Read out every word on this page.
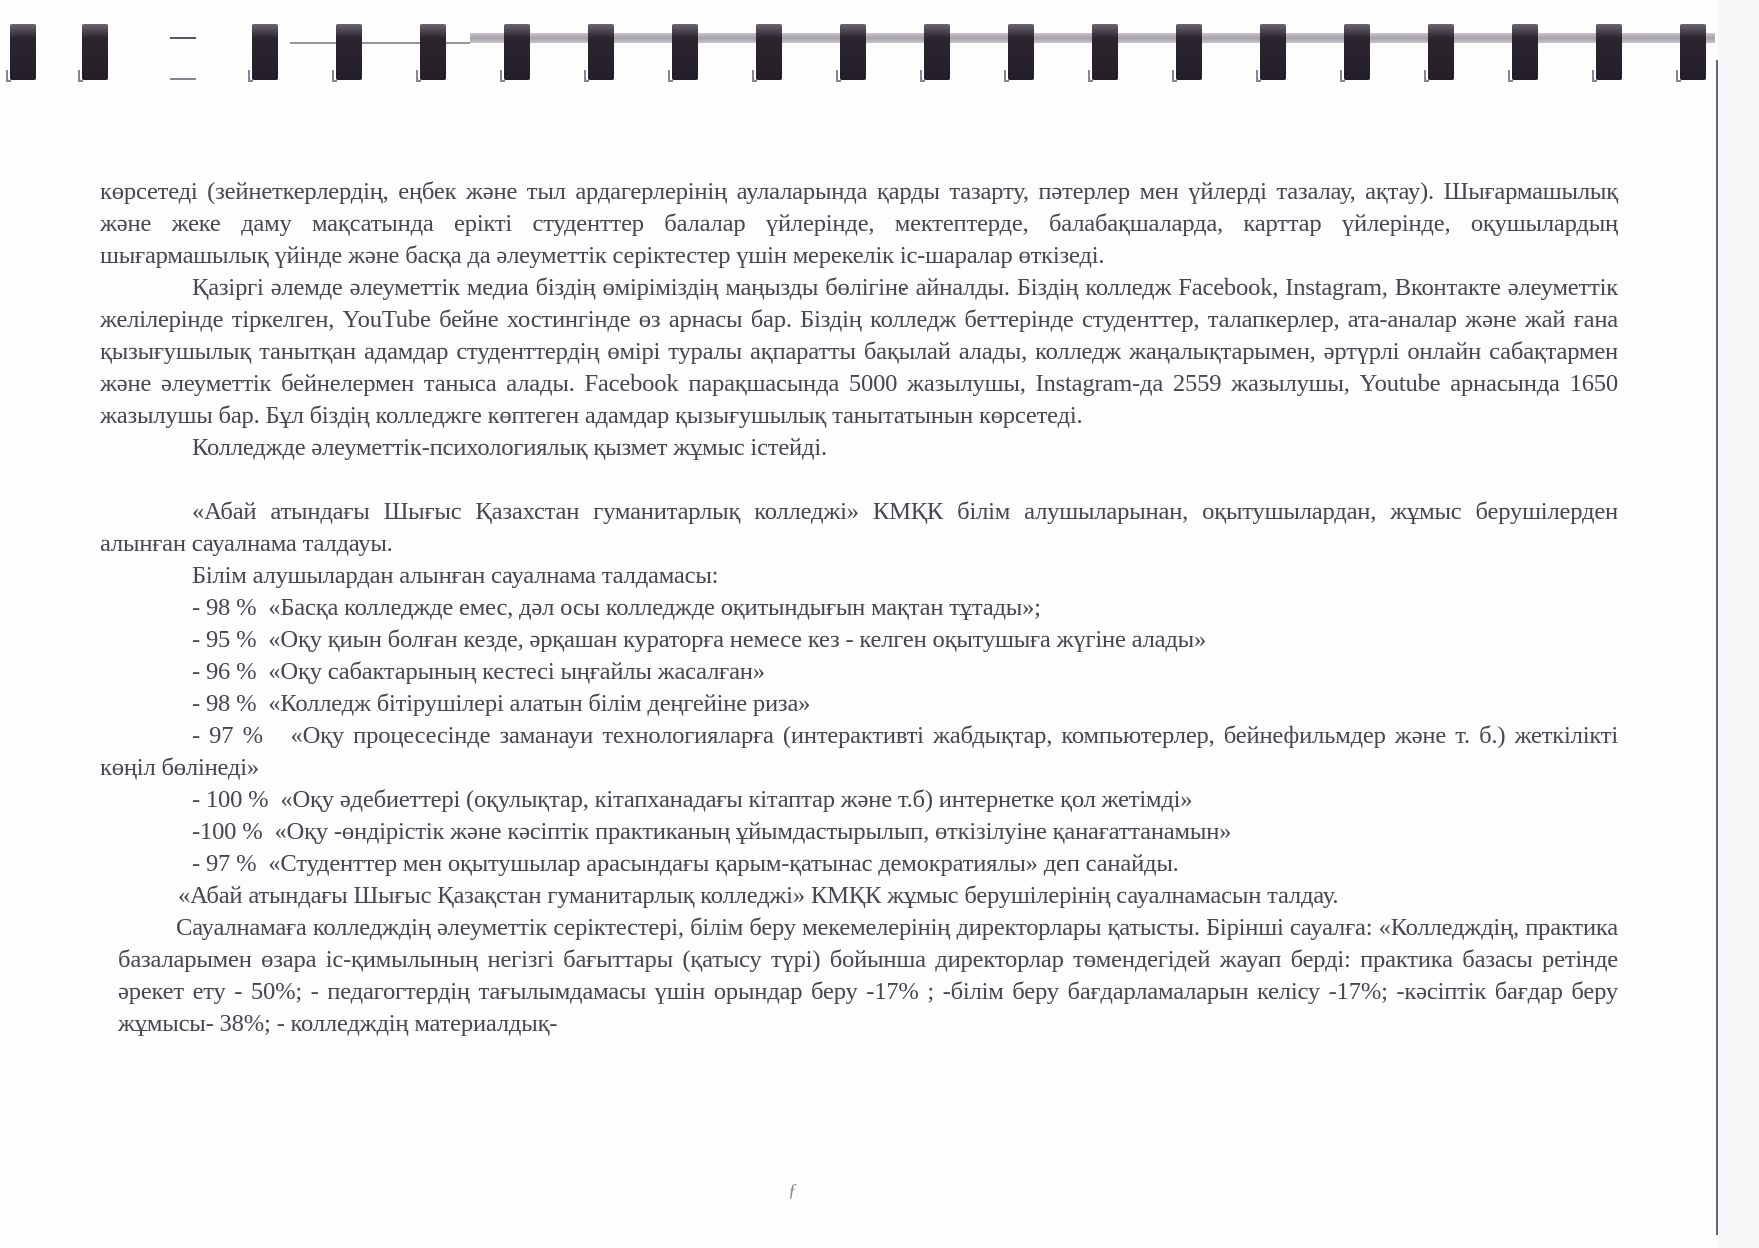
көрсетеді (зейнеткерлердің, еңбек және тыл ардагерлерінің аулаларында қарды тазарту, пәтерлер мен үйлерді тазалау, ақтау). Шығармашылық және жеке даму мақсатында ерікті студенттер балалар үйлерінде, мектептерде, балабақшаларда, карттар үйлерінде, оқушылардың шығармашылық үйінде және басқа да әлеуметтік серіктестер үшін мерекелік іс-шаралар өткізеді.

Қазіргі әлемде әлеуметтік медиа біздің өміріміздің маңызды бөлігіне айналды. Біздің колледж Facebook, Instagram, Вконтакте әлеуметтік желілерінде тіркелген, YouTube бейне хостингінде өз арнасы бар. Біздің колледж беттерінде студенттер, талапкерлер, ата-аналар және жай ғана қызығушылық танытқан адамдар студенттердің өмірі туралы ақпаратты бақылай алады, колледж жаңалықтарымен, әртүрлі онлайн сабақтармен және әлеуметтік бейнелермен таныса алады. Facebook парақшасында 5000 жазылушы, Instagram-да 2559 жазылушы, Youtube арнасында 1650 жазылушы бар. Бұл біздің колледжге көптеген адамдар қызығушылық танытатынын көрсетеді.

Колледжде әлеуметтік-психологиялық қызмет жұмыс істейді.

«Абай атындағы Шығыс Қазахстан гуманитарлық колледжі» КМҚК білім алушыларынан, оқытушылардан, жұмыс берушілерден алынған сауалнама талдауы.

Білім алушылардан алынған сауалнама талдамасы:

- 98 % «Басқа колледжде емес, дәл осы колледжде оқитындығын мақтан тұтады»;

- 95 % «Оқу қиын болған кезде, әрқашан кураторға немесе кез - келген оқытушыға жүгіне алады»

- 96 % «Оқу сабактарының кестесі ыңғайлы жасалған»

- 98 % «Колледж бітірушілері алатын білім деңгейіне риза»

- 97 %   «Оқу процесесінде заманауи технологияларға (интерактивті жабдықтар, компьютерлер, бейнефильмдер және т. б.) жеткілікті көңіл бөлінеді»

- 100 % «Оқу әдебиеттері (оқулықтар, кітапханадағы кітаптар және т.б) интернетке қол жетімді»

-100 % «Оқу -өндірістік және кәсіптік практиканың ұйымдастырылып, өткізілуіне қанағаттанамын»

- 97 % «Студенттер мен оқытушылар арасындағы қарым-қатынас демократиялы» деп санайды.

«Абай атындағы Шығыс Қазақстан гуманитарлық колледжі» КМҚК жұмыс берушілерінің сауалнамасын талдау.

Сауалнамаға колледждің әлеуметтік серіктестері, білім беру мекемелерінің директорлары қатысты. Бірінші сауалға: «Колледждің, практика базаларымен өзара іс-қимылының негізгі бағыттары (қатысу түрі) бойынша директорлар төмендегідей жауап берді: практика базасы ретінде әрекет ету - 50%; - педагогтердің тағылымдамасы үшін орындар беру -17% ; -білім беру бағдарламаларын келісу -17%; -кәсіптік бағдар беру жұмысы- 38%; - колледждің материалдық-

ƒ
